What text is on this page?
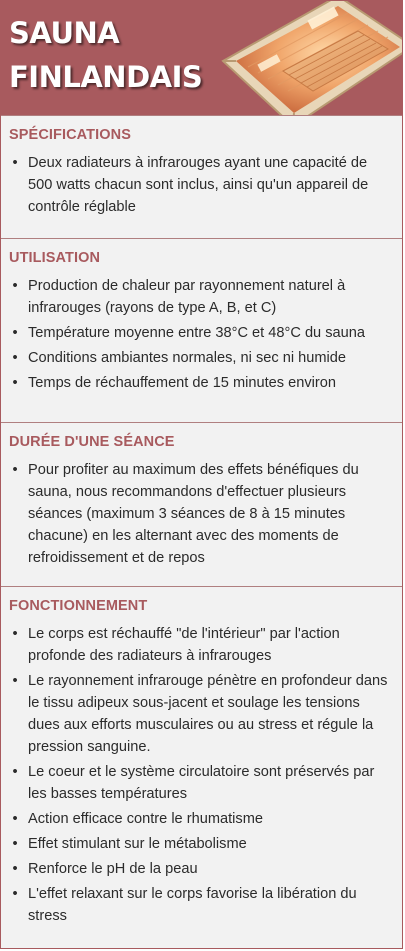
SAUNA
FINLANDAIS
SPÉCIFICATIONS
• Deux radiateurs à infrarouges ayant une capacité de 500 watts chacun sont inclus, ainsi qu'un appareil de contrôle réglable
UTILISATION
• Production de chaleur par rayonnement naturel à infrarouges (rayons de type A, B, et C)
• Température moyenne entre 38°C et 48°C du sauna
• Conditions ambiantes normales, ni sec ni humide
• Temps de réchauffement de 15 minutes environ
DURÉE D'UNE SÉANCE
• Pour profiter au maximum des effets bénéfiques du sauna, nous recommandons d'effectuer plusieurs séances (maximum 3 séances de 8 à 15 minutes chacune) en les alternant avec des moments de refroidissement et de repos
FONCTIONNEMENT
• Le corps est réchauffé "de l'intérieur" par l'action profonde des radiateurs à infrarouges
• Le rayonnement infrarouge pénètre en profondeur dans le tissu adipeux sous-jacent et soulage les tensions dues aux efforts musculaires ou au stress et régule la pression sanguine.
• Le coeur et le système circulatoire sont préservés par les basses températures
• Action efficace contre le rhumatisme
• Effet stimulant sur le métabolisme
• Renforce le pH de la peau
• L'effet relaxant sur le corps favorise la libération du stress
